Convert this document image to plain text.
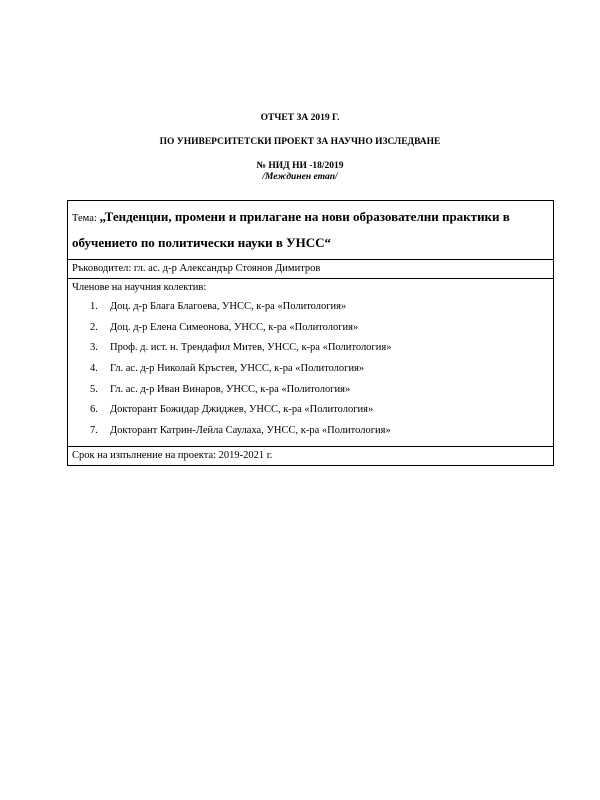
ОТЧЕТ ЗА 2019 Г.
ПО УНИВЕРСИТЕТСКИ ПРОЕКТ ЗА НАУЧНО ИЗСЛЕДВАНЕ
№ НИД НИ -18/2019
/Междинен етап/
Тема: „Тенденции, промени и прилагане на нови образователни практики в обучението по политически науки в УНСС“
Ръководител: гл. ас. д-р Александър Стоянов Димитров

Членове на научния колектив:
1. Доц. д-р Блага Благоева, УНСС, к-ра «Политология»
2. Доц. д-р Елена Симеонова, УНСС, к-ра «Политология»
3. Проф. д. ист. н. Трендафил Митев, УНСС, к-ра «Политология»
4. Гл. ас. д-р Николай Кръстев, УНСС, к-ра «Политология»
5. Гл. ас. д-р Иван Винаров, УНСС, к-ра «Политология»
6. Докторант Божидар Джиджев, УНСС, к-ра «Политология»
7. Докторант Катрин-Лейла Саулаха, УНСС, к-ра «Политология»

Срок на изпълнение на проекта: 2019-2021 г.
